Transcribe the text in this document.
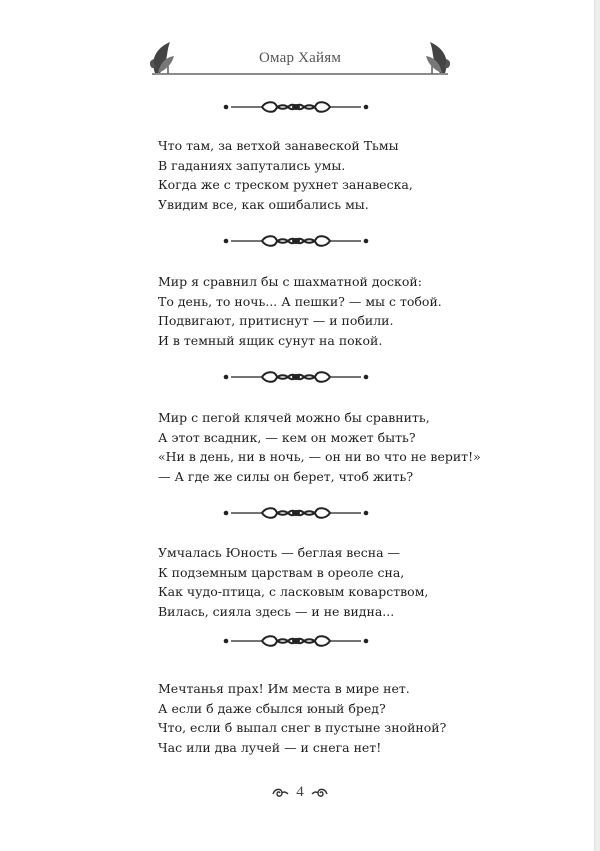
Омар Хайям
Что там, за ветхой занавеской Тьмы
В гаданиях запутались умы.
Когда же с треском рухнет занавеска,
Увидим все, как ошибались мы.
Мир я сравнил бы с шахматной доской:
То день, то ночь... А пешки? — мы с тобой.
Подвигают, притиснут — и побили.
И в темный ящик сунут на покой.
Мир с пегой клячей можно бы сравнить,
А этот всадник, — кем он может быть?
«Ни в день, ни в ночь, — он ни во что не верит!»
— А где же силы он берет, чтоб жить?
Умчалась Юность — беглая весна —
К подземным царствам в ореоле сна,
Как чудо-птица, с ласковым коварством,
Вилась, сияла здесь — и не видна...
Мечтанья прах! Им места в мире нет.
А если б даже сбылся юный бред?
Что, если б выпал снег в пустыне знойной?
Час или два лучей — и снега нет!
4
